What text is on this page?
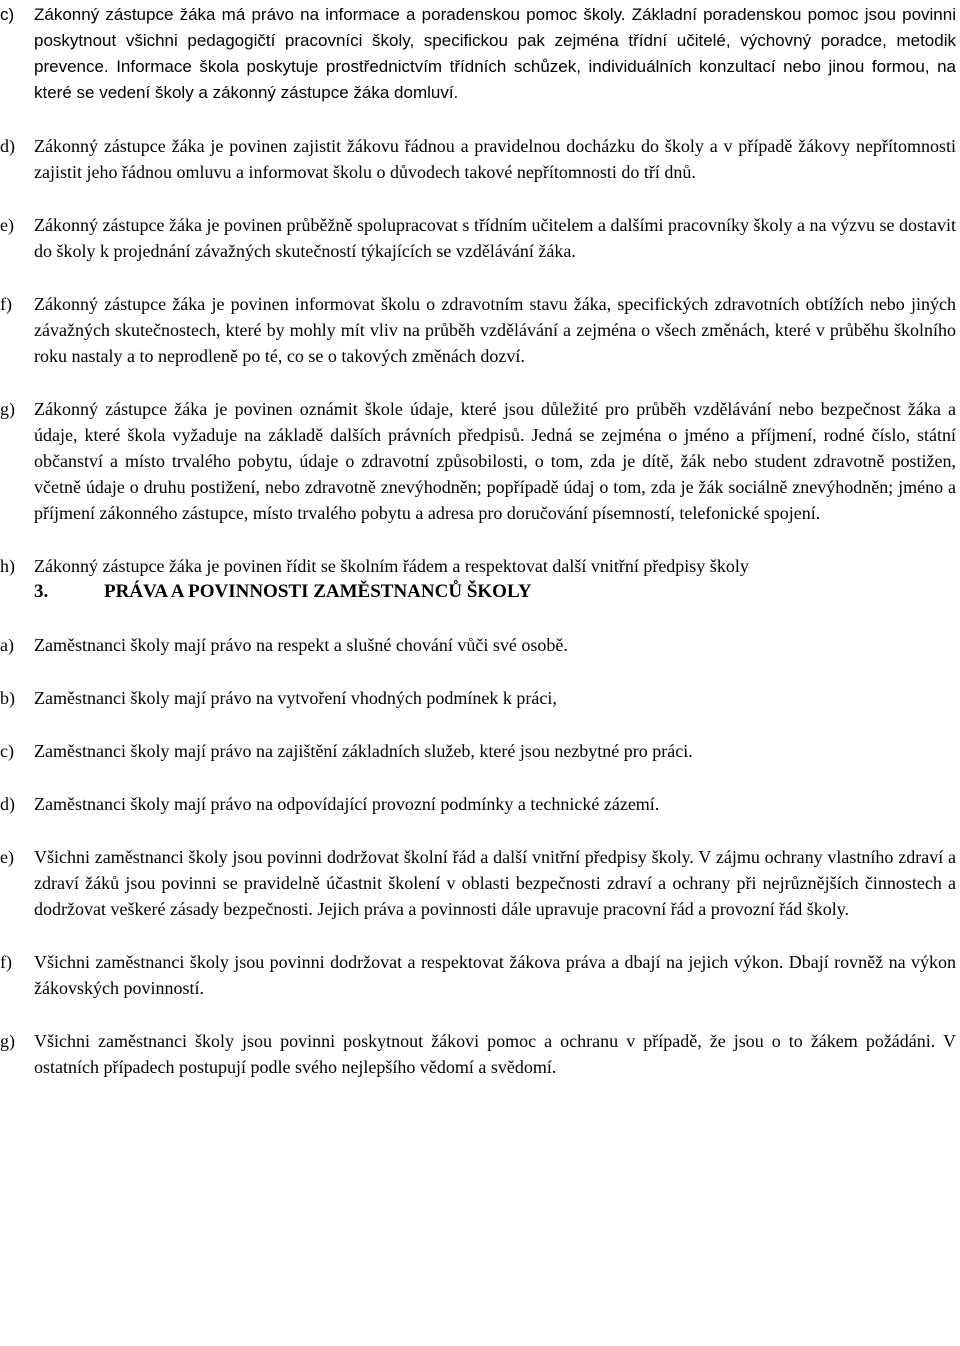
c) Zákonný zástupce žáka má právo na informace a poradenskou pomoc školy. Základní poradenskou pomoc jsou povinni poskytnout všichni pedagogičtí pracovníci školy, specifickou pak zejména třídní učitelé, výchovný poradce, metodik prevence. Informace škola poskytuje prostřednictvím třídních schůzek, individuálních konzultací nebo jinou formou, na které se vedení školy a zákonný zástupce žáka domluví.

d) Zákonný zástupce žáka je povinen zajistit žákovu řádnou a pravidelnou docházku do školy a v případě žákovy nepřítomnosti zajistit jeho řádnou omluvu a informovat školu o důvodech takové nepřítomnosti do tří dnů.

e) Zákonný zástupce žáka je povinen průběžně spolupracovat s třídním učitelem a dalšími pracovníky školy a na výzvu se dostavit do školy k projednání závažných skutečností týkajících se vzdělávání žáka.

f) Zákonný zástupce žáka je povinen informovat školu o zdravotním stavu žáka, specifických zdravotních obtížích nebo jiných závažných skutečnostech, které by mohly mít vliv na průběh vzdělávání a zejména o všech změnách, které v průběhu školního roku nastaly a to neprodleně po té, co se o takových změnách dozví.

g) Zákonný zástupce žáka je povinen oznámit škole údaje, které jsou důležité pro průběh vzdělávání nebo bezpečnost žáka a údaje, které škola vyžaduje na základě dalších právních předpisů. Jedná se zejména o jméno a příjmení, rodné číslo, státní občanství a místo trvalého pobytu, údaje o zdravotní způsobilosti, o tom, zda je dítě, žák nebo student zdravotně postižen, včetně údaje o druhu postižení, nebo zdravotně znevýhodněn; popřípadě údaj o tom, zda je žák sociálně znevýhodněn; jméno a příjmení zákonného zástupce, místo trvalého pobytu a adresa pro doručování písemností, telefonické spojení.

h) Zákonný zástupce žáka je povinen řídit se školním řádem a respektovat další vnitřní předpisy školy

3.	PRÁVA A POVINNOSTI ZAMĚSTNANCŮ ŠKOLY

a) Zaměstnanci školy mají právo na respekt a slušné chování vůči své osobě.

b) Zaměstnanci školy mají právo na vytvoření vhodných podmínek k práci,

c) Zaměstnanci školy mají právo na zajištění základních služeb, které jsou nezbytné pro práci.

d) Zaměstnanci školy mají právo na odpovídající provozní podmínky a technické zázemí.

e) Všichni zaměstnanci školy jsou povinni dodržovat školní řád a další vnitřní předpisy školy. V zájmu ochrany vlastního zdraví a zdraví žáků jsou povinni se pravidelně účastnit školení v oblasti bezpečnosti zdraví a ochrany při nejrůznějších činnostech a dodržovat veškeré zásady bezpečnosti. Jejich práva a povinnosti dále upravuje pracovní řád a provozní řád školy.

f) Všichni zaměstnanci školy jsou povinni dodržovat a respektovat žákova práva a dbají na jejich výkon. Dbají rovněž na výkon žákovských povinností.

g) Všichni zaměstnanci školy jsou povinni poskytnout žákovi pomoc a ochranu v případě, že jsou o to žákem požádáni. V ostatních případech postupují podle svého nejlepšího vědomí a svědomí.
